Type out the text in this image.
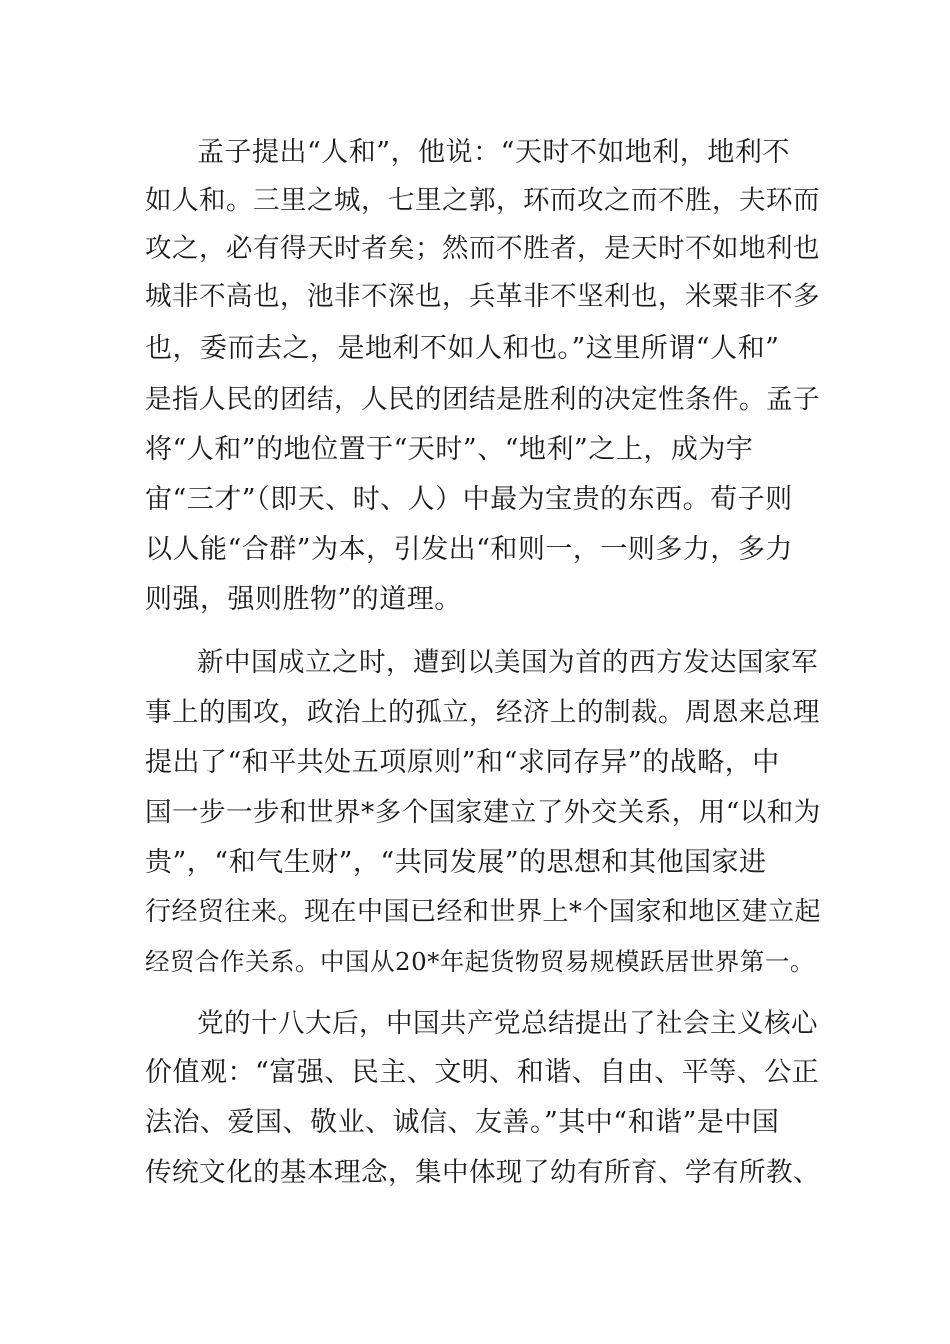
孟子提出“人和”，他说：“天时不如地利，地利不
如人和。三里之城，七里之郭，环而攻之而不胜，夫环而
攻之，必有得天时者矣；然而不胜者，是天时不如地利也
城非不高也，池非不深也，兵革非不坚利也，米粟非不多
也，委而去之，是地利不如人和也。”这里所谓“人和”
是指人民的团结，人民的团结是胜利的决定性条件。孟子
将“人和”的地位置于“天时”、“地利”之上，成为宇
宙“三才”（即天、时、人）中最为宝贵的东西。荀子则
以人能“合群”为本，引发出“和则一，一则多力，多力
则强，强则胜物”的道理。
新中国成立之时，遭到以美国为首的西方发达国家军
事上的围攻，政治上的孤立，经济上的制裁。周恩来总理
提出了“和平共处五项原则”和“求同存异”的战略，中
国一步一步和世界*多个国家建立了外交关系，用“以和为
贵”，“和气生财”，“共同发展”的思想和其他国家进
行经贸往来。现在中国已经和世界上*个国家和地区建立起
经贸合作关系。中国从20*年起货物贸易规模跃居世界第一。
党的十八大后，中国共产党总结提出了社会主义核心
价值观：“富强、民主、文明、和谐、自由、平等、公正
法治、爱国、敬业、诚信、友善。”其中“和谐”是中国
传统文化的基本理念，集中体现了幼有所育、学有所教、
